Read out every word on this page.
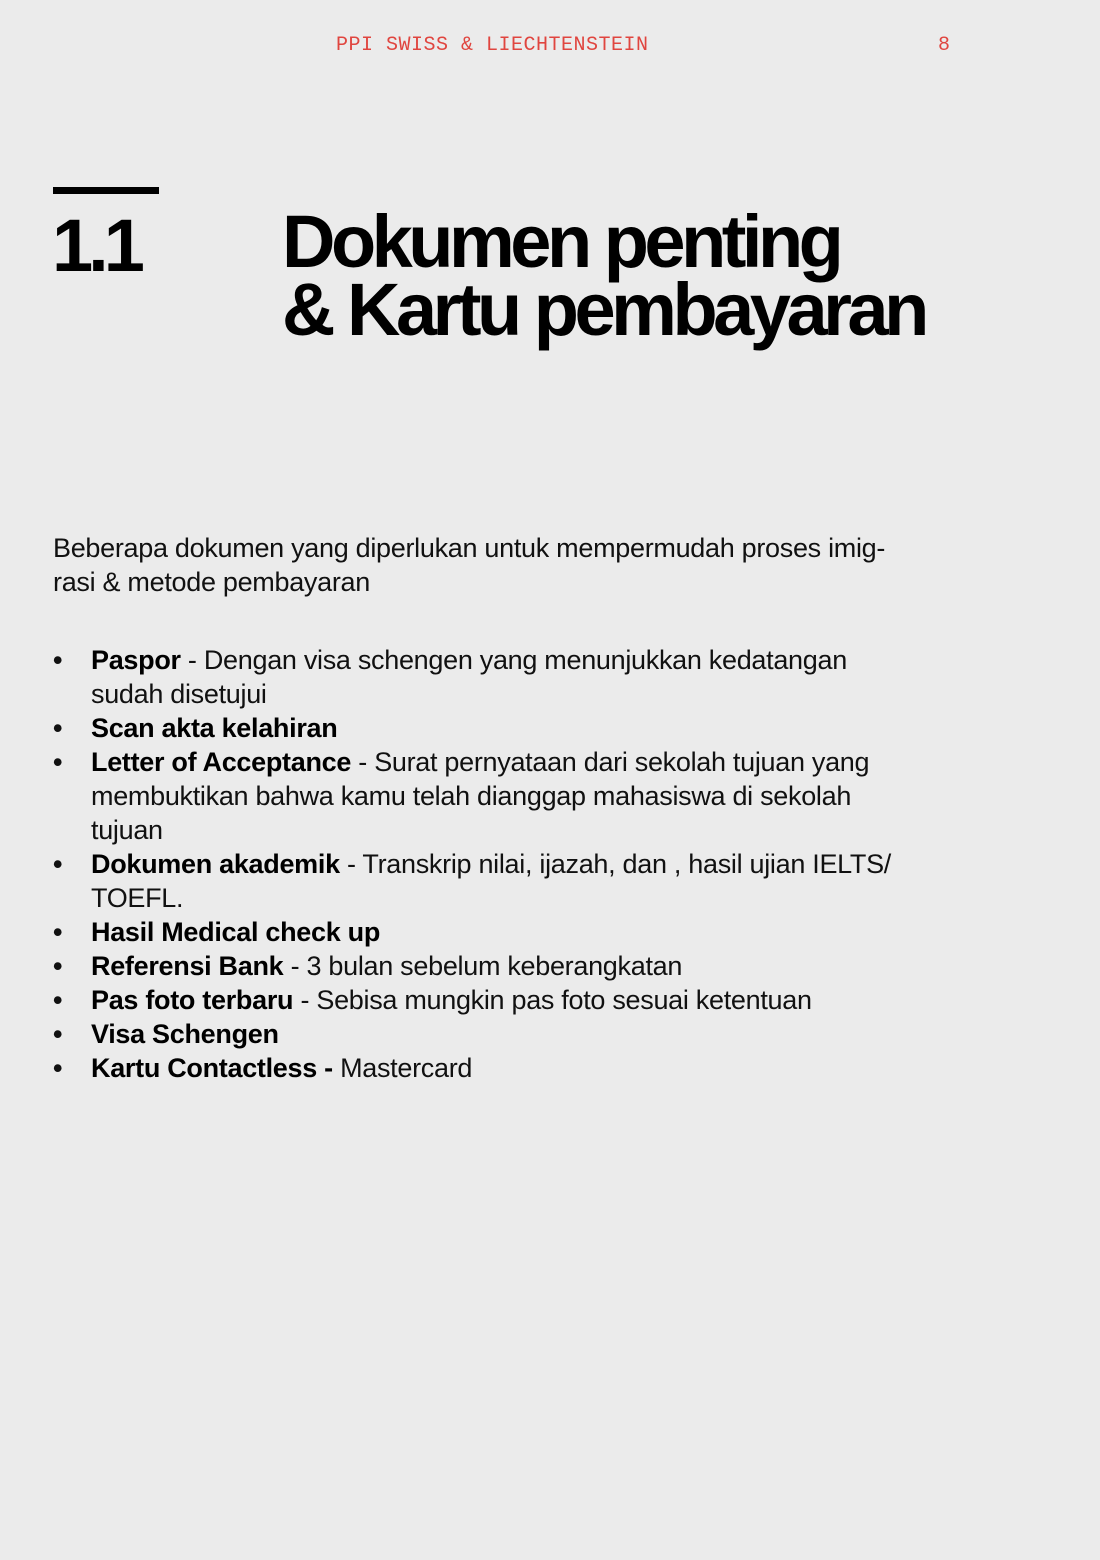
PPI SWISS & LIECHTENSTEIN	8
1.1 Dokumen penting
& Kartu pembayaran

Beberapa dokumen yang diperlukan untuk mempermudah proses imig-
rasi & metode pembayaran

• Paspor - Dengan visa schengen yang menunjukkan kedatangan
sudah disetujui
• Scan akta kelahiran
• Letter of Acceptance - Surat pernyataan dari sekolah tujuan yang
membuktikan bahwa kamu telah dianggap mahasiswa di sekolah
tujuan
• Dokumen akademik - Transkrip nilai, ijazah, dan , hasil ujian IELTS/
TOEFL.
• Hasil Medical check up
• Referensi Bank - 3 bulan sebelum keberangkatan
• Pas foto terbaru - Sebisa mungkin pas foto sesuai ketentuan
• Visa Schengen
• Kartu Contactless - Mastercard
